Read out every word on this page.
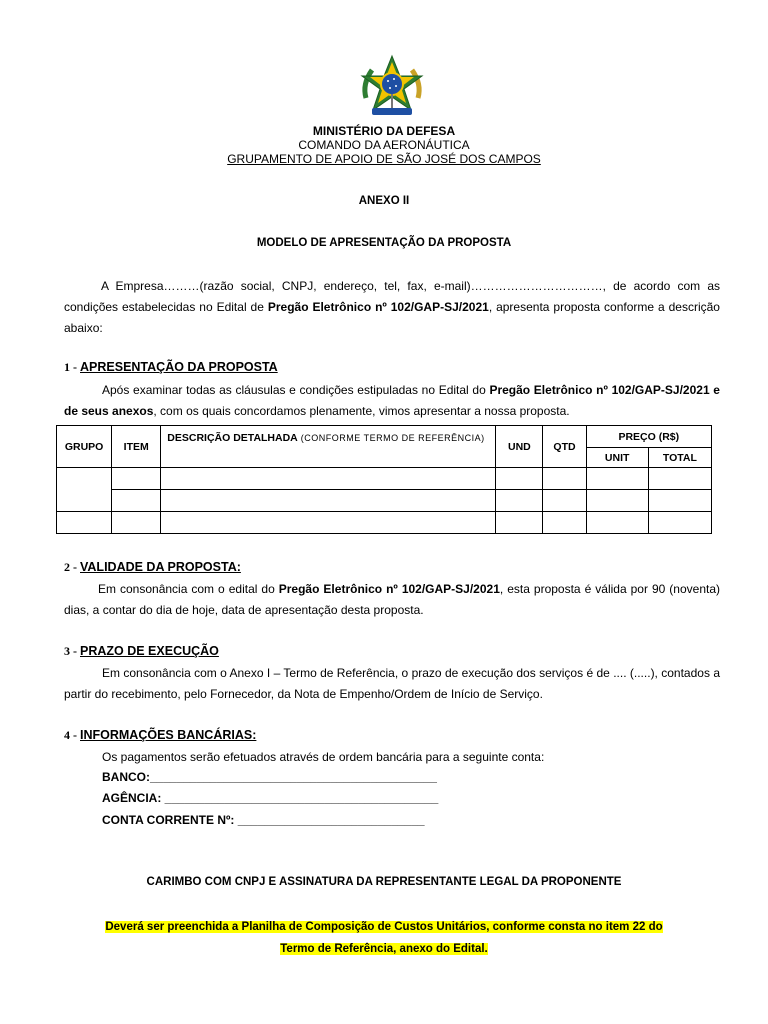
MINISTÉRIO DA DEFESA
COMANDO DA AERONÁUTICA
GRUPAMENTO DE APOIO DE SÃO JOSÉ DOS CAMPOS
ANEXO II
MODELO DE APRESENTAÇÃO DA PROPOSTA
A Empresa………(razão social, CNPJ, endereço, tel, fax, e-mail)……………………………, de acordo com as condições estabelecidas no Edital de Pregão Eletrônico nº 102/GAP-SJ/2021, apresenta proposta conforme a descrição abaixo:
1 - APRESENTAÇÃO DA PROPOSTA
Após examinar todas as cláusulas e condições estipuladas no Edital do Pregão Eletrônico nº 102/GAP-SJ/2021 e de seus anexos, com os quais concordamos plenamente, vimos apresentar a nossa proposta.
GRUPO	ITEM	DESCRIÇÃO DETALHADA (CONFORME TERMO DE REFERÊNCIA)	UND	QTD	PREÇO (R$)	
					UNIT	TOTAL

2 - VALIDADE DA PROPOSTA:
Em consonância com o edital do Pregão Eletrônico nº 102/GAP-SJ/2021, esta proposta é válida por 90 (noventa) dias, a contar do dia de hoje, data de apresentação desta proposta.
3 - PRAZO DE EXECUÇÃO
Em consonância com o Anexo I – Termo de Referência, o prazo de execução dos serviços é de .... (.....), contados a partir do recebimento, pelo Fornecedor, da Nota de Empenho/Ordem de Início de Serviço.
4 - INFORMAÇÕES BANCÁRIAS:
Os pagamentos serão efetuados através de ordem bancária para a seguinte conta:
BANCO:___________________________________________
AGÊNCIA: _________________________________________
CONTA CORRENTE Nº: ____________________________
CARIMBO COM CNPJ E ASSINATURA DA REPRESENTANTE LEGAL DA PROPONENTE
Deverá ser preenchida a Planilha de Composição de Custos Unitários, conforme consta no item 22 do
Termo de Referência, anexo do Edital.
